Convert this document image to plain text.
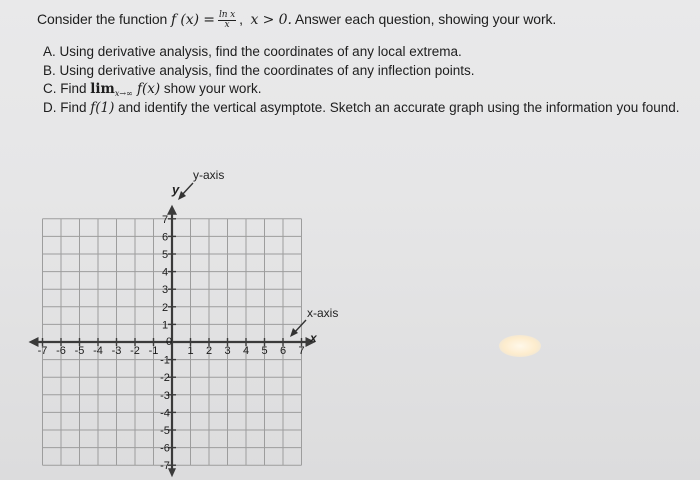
Consider the function f $(x) = \frac{\text{ln x}}{x}$ ,  x > 0. Answer each question, showing your work.
A. Using derivative analysis, find the coordinates of any local extrema.
B. Using derivative analysis, find the coordinates of any inflection points.
C. Find $\lim_{x\to\infty} f(x)$ show your work.
D. Find f(1) and identify the vertical asymptote. Sketch an accurate graph using the information you found.
-7 -6 -5 -4 -3 -2 -1	1 2 3 4 5 6 7
7
6
5
4
3
2
1
-1
-2
-3
-4
-5
-6
-7
0
y-axis
x-axis
y
x
